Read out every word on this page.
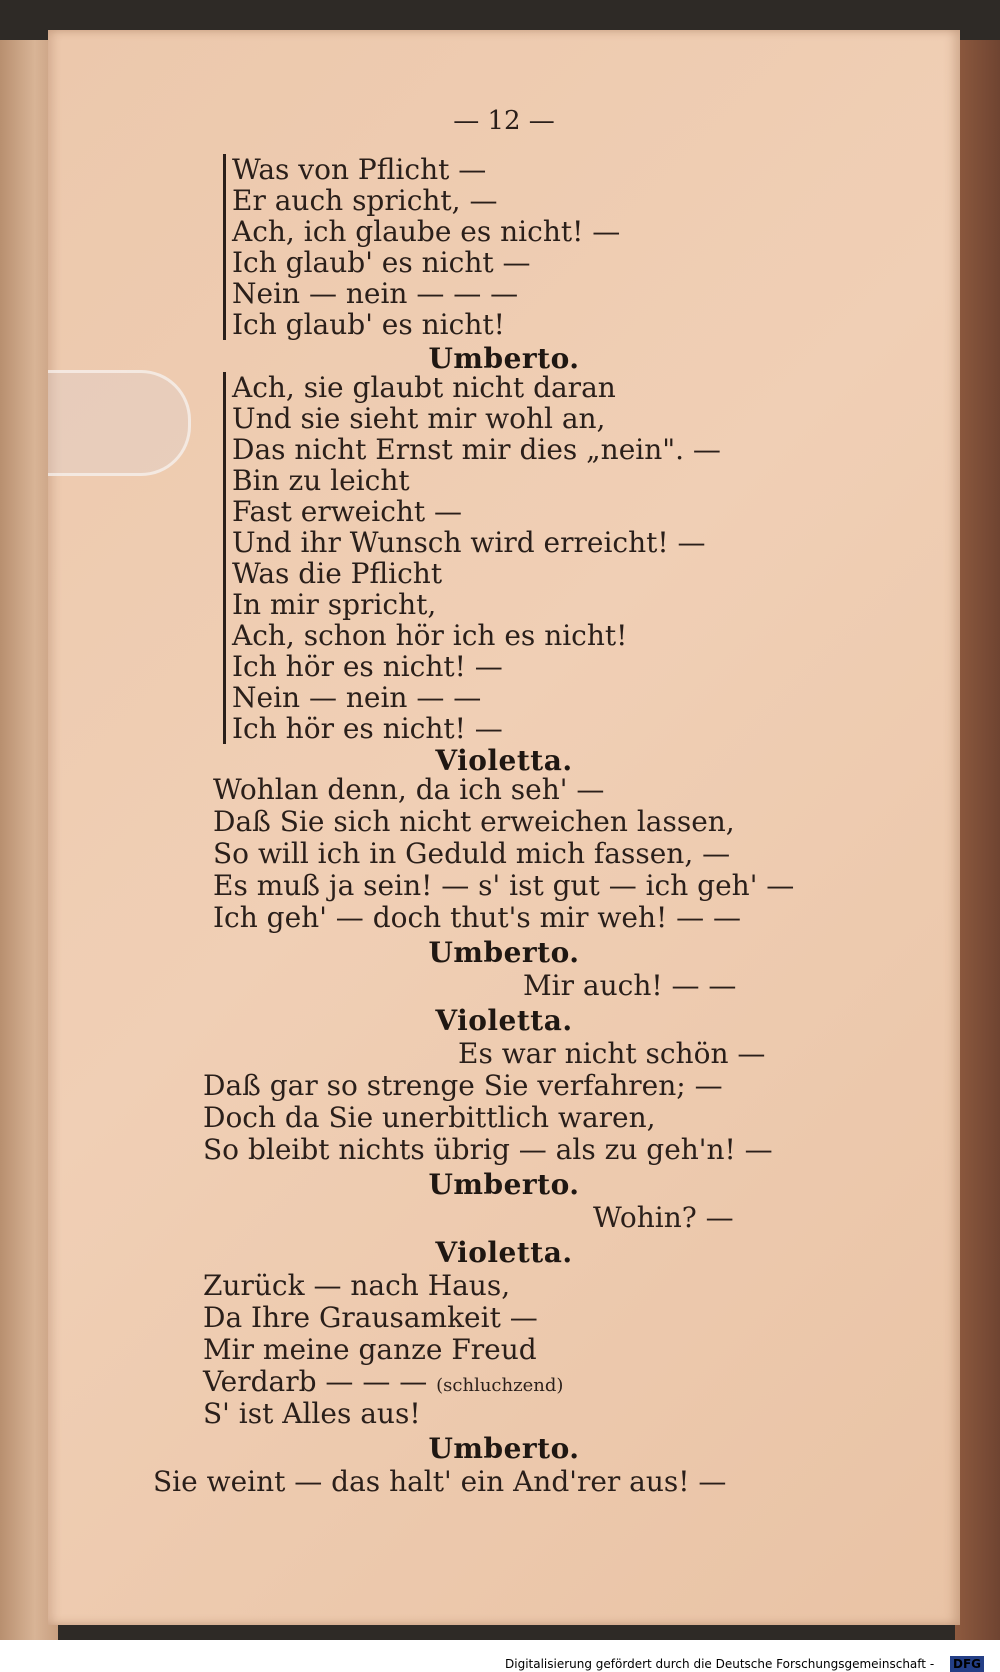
— 12 —
Was von Pflicht —
Er auch spricht, —
Ach, ich glaube es nicht! —
Ich glaub' es nicht —
Nein — nein — — —
Ich glaub' es nicht!
Umberto.
Ach, sie glaubt nicht daran
Und sie sieht mir wohl an,
Das nicht Ernst mir dies „nein". —
Bin zu leicht
Fast erweicht —
Und ihr Wunsch wird erreicht! —
Was die Pflicht
In mir spricht,
Ach, schon hör ich es nicht!
Ich hör es nicht! —
Nein — nein — —
Ich hör es nicht! —
Violetta.
Wohlan denn, da ich seh' —
Daß Sie sich nicht erweichen lassen,
So will ich in Geduld mich fassen, —
Es muß ja sein! — s' ist gut — ich geh' —
Ich geh' — doch thut's mir weh! — —
Umberto.
Mir auch! — —
Violetta.
Es war nicht schön —
Daß gar so strenge Sie verfahren; —
Doch da Sie unerbittlich waren,
So bleibt nichts übrig — als zu geh'n! —
Umberto.
Wohin? —
Violetta.
Zurück — nach Haus,
Da Ihre Grausamkeit —
Mir meine ganze Freud
Verdarb — — — (schluchzend)
S' ist Alles aus!
Umberto.
Sie weint — das halt' ein And'rer aus! —
Digitalisierung gefördert durch die Deutsche Forschungsgemeinschaft - DFG
